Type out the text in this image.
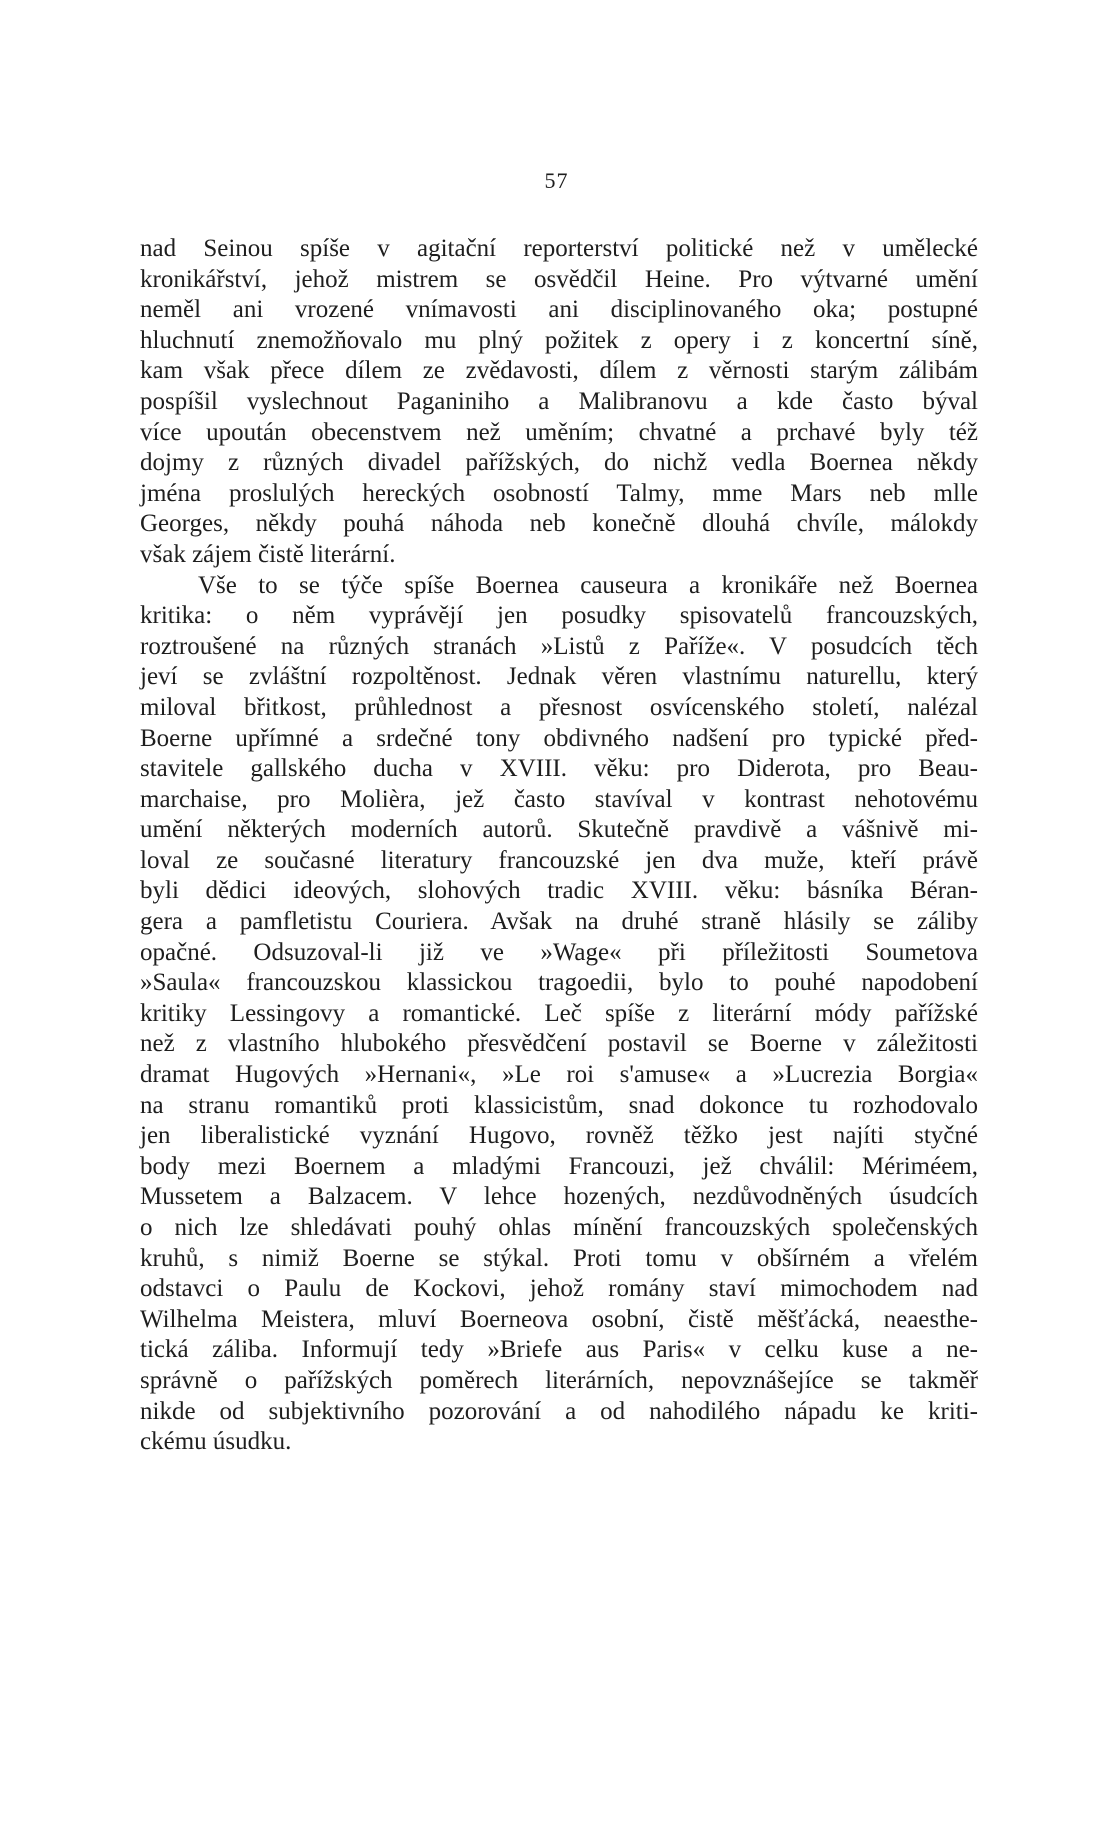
57
nad Seinou spíše v agitační reporterství politické než v umělecké
kronikářství, jehož mistrem se osvědčil Heine. Pro výtvarné umění
neměl ani vrozené vnímavosti ani disciplinovaného oka; postupné
hluchnutí znemožňovalo mu plný požitek z opery i z koncertní síně,
kam však přece dílem ze zvědavosti, dílem z věrnosti starým zálibám
pospíšil vyslechnout Paganiniho a Malibranovu a kde často býval
více upoután obecenstvem než uměním; chvatné a prchavé byly též
dojmy z různých divadel pařížských, do nichž vedla Boernea někdy
jména proslulých hereckých osobností Talmy, mme Mars neb mlle
Georges, někdy pouhá náhoda neb konečně dlouhá chvíle, málokdy
však zájem čistě literární.
Vše to se týče spíše Boernea causeura a kronikáře než Boernea
kritika: o něm vyprávějí jen posudky spisovatelů francouzských,
roztroušené na různých stranách »Listů z Paříže«. V posudcích těch
jeví se zvláštní rozpoltěnost. Jednak věren vlastnímu naturellu, který
miloval břitkost, průhlednost a přesnost osvícenského století, nalézal
Boerne upřímné a srdečné tony obdivného nadšení pro typické před-
stavitele gallského ducha v XVIII. věku: pro Diderota, pro Beau-
marchaise, pro Molièra, jež často stavíval v kontrast nehotovému
umění některých moderních autorů. Skutečně pravdivě a vášnivě mi-
loval ze současné literatury francouzské jen dva muže, kteří právě
byli dědici ideových, slohových tradic XVIII. věku: básníka Béran-
gera a pamfletistu Couriera. Avšak na druhé straně hlásily se záliby
opačné. Odsuzoval-li již ve »Wage« při příležitosti Soumetova
»Saula« francouzskou klassickou tragoedii, bylo to pouhé napodobení
kritiky Lessingovy a romantické. Leč spíše z literární módy pařížské
než z vlastního hlubokého přesvědčení postavil se Boerne v záležitosti
dramat Hugových »Hernani«, »Le roi s'amuse« a »Lucrezia Borgia«
na stranu romantiků proti klassicistům, snad dokonce tu rozhodovalo
jen liberalistické vyznání Hugovo, rovněž těžko jest najíti styčné
body mezi Boernem a mladými Francouzi, jež chválil: Mériméem,
Mussetem a Balzacem. V lehce hozených, nezdůvodněných úsudcích
o nich lze shledávati pouhý ohlas mínění francouzských společenských
kruhů, s nimiž Boerne se stýkal. Proti tomu v obšírném a vřelém
odstavci o Paulu de Kockovi, jehož romány staví mimochodem nad
Wilhelma Meistera, mluví Boerneova osobní, čistě měšťácká, neaesthe-
tická záliba. Informují tedy »Briefe aus Paris« v celku kuse a ne-
správně o pařížských poměrech literárních, nepovznášejíce se takměř
nikde od subjektivního pozorování a od nahodilého nápadu ke kriti-
ckému úsudku.
